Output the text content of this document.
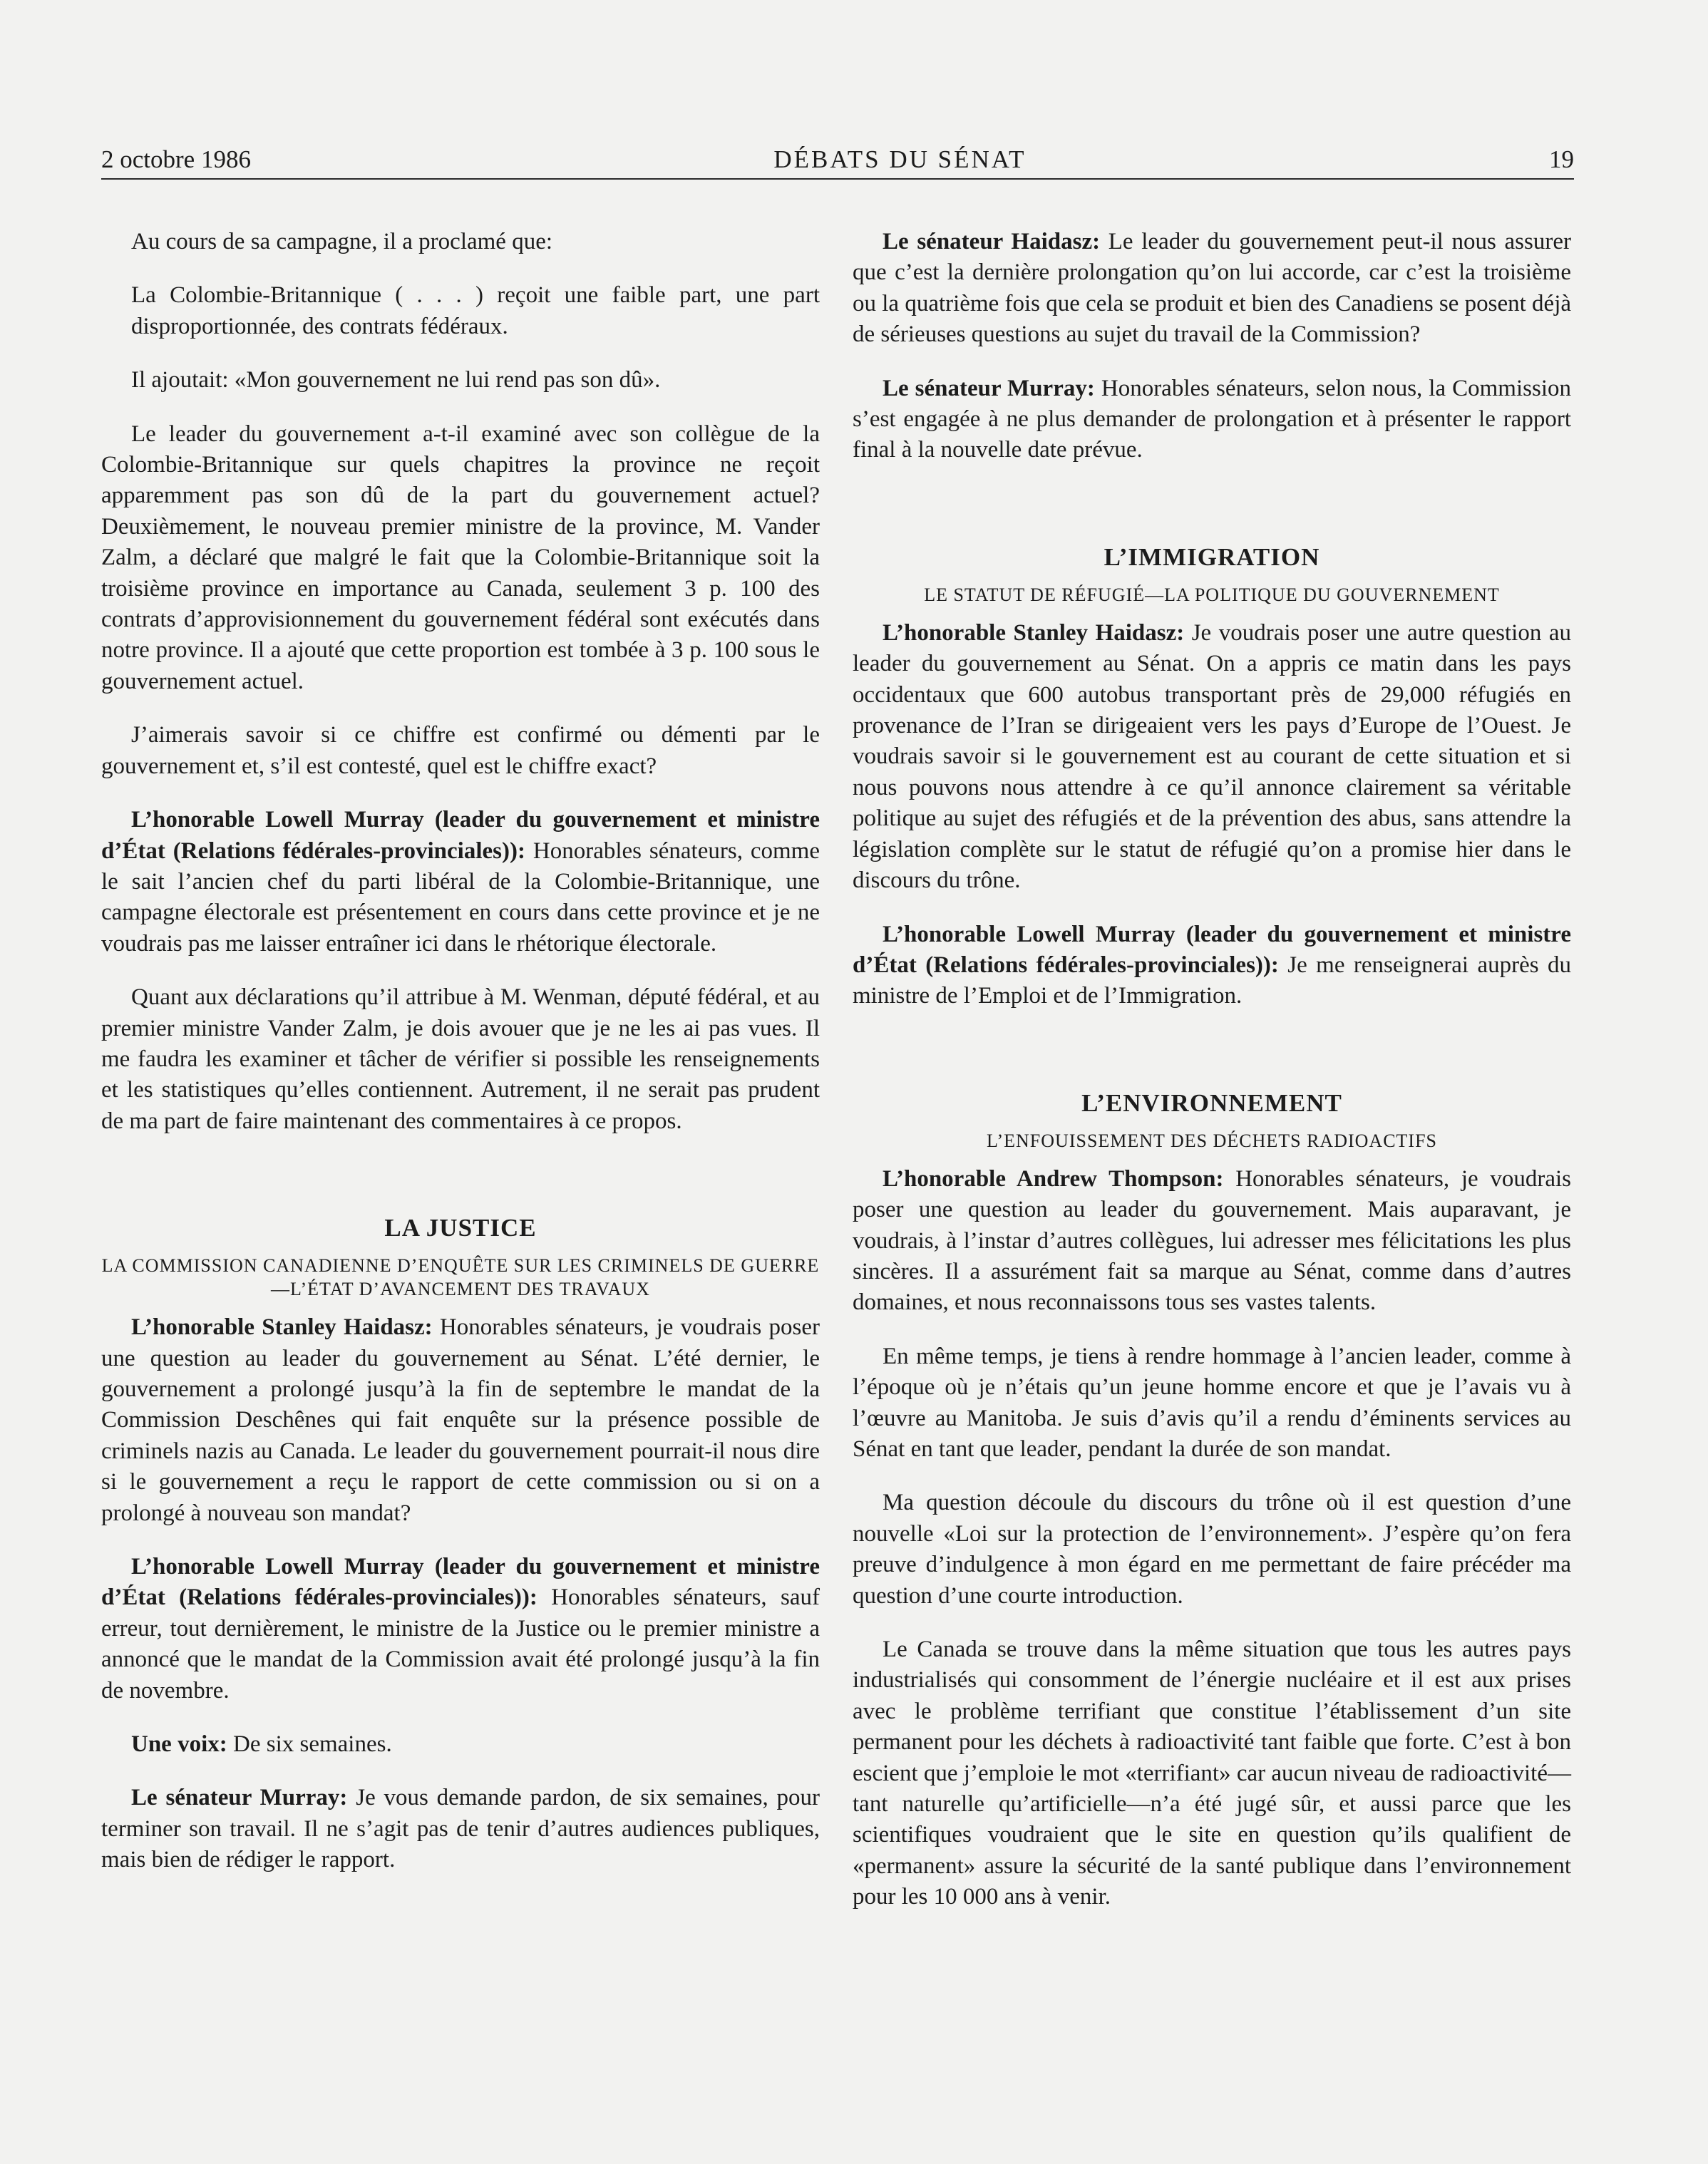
2 octobre 1986	DÉBATS DU SÉNAT	19

Au cours de sa campagne, il a proclamé que:

La Colombie-Britannique ( . . . ) reçoit une faible part, une part disproportionnée, des contrats fédéraux.

Il ajoutait: «Mon gouvernement ne lui rend pas son dû».

Le leader du gouvernement a-t-il examiné avec son collègue de la Colombie-Britannique sur quels chapitres la province ne reçoit apparemment pas son dû de la part du gouvernement actuel? Deuxièmement, le nouveau premier ministre de la province, M. Vander Zalm, a déclaré que malgré le fait que la Colombie-Britannique soit la troisième province en importance au Canada, seulement 3 p. 100 des contrats d’approvisionnement du gouvernement fédéral sont exécutés dans notre province. Il a ajouté que cette proportion est tombée à 3 p. 100 sous le gouvernement actuel.

J’aimerais savoir si ce chiffre est confirmé ou démenti par le gouvernement et, s’il est contesté, quel est le chiffre exact?

L’honorable Lowell Murray (leader du gouvernement et ministre d’État (Relations fédérales-provinciales)): Honorables sénateurs, comme le sait l’ancien chef du parti libéral de la Colombie-Britannique, une campagne électorale est présentement en cours dans cette province et je ne voudrais pas me laisser entraîner ici dans le rhétorique électorale.

Quant aux déclarations qu’il attribue à M. Wenman, député fédéral, et au premier ministre Vander Zalm, je dois avouer que je ne les ai pas vues. Il me faudra les examiner et tâcher de vérifier si possible les renseignements et les statistiques qu’elles contiennent. Autrement, il ne serait pas prudent de ma part de faire maintenant des commentaires à ce propos.

LA JUSTICE
LA COMMISSION CANADIENNE D’ENQUÊTE SUR LES CRIMINELS DE GUERRE—L’ÉTAT D’AVANCEMENT DES TRAVAUX

L’honorable Stanley Haidasz: Honorables sénateurs, je voudrais poser une question au leader du gouvernement au Sénat. L’été dernier, le gouvernement a prolongé jusqu’à la fin de septembre le mandat de la Commission Deschênes qui fait enquête sur la présence possible de criminels nazis au Canada. Le leader du gouvernement pourrait-il nous dire si le gouvernement a reçu le rapport de cette commission ou si on a prolongé à nouveau son mandat?

L’honorable Lowell Murray (leader du gouvernement et ministre d’État (Relations fédérales-provinciales)): Honorables sénateurs, sauf erreur, tout dernièrement, le ministre de la Justice ou le premier ministre a annoncé que le mandat de la Commission avait été prolongé jusqu’à la fin de novembre.

Une voix: De six semaines.

Le sénateur Murray: Je vous demande pardon, de six semaines, pour terminer son travail. Il ne s’agit pas de tenir d’autres audiences publiques, mais bien de rédiger le rapport.

Le sénateur Haidasz: Le leader du gouvernement peut-il nous assurer que c’est la dernière prolongation qu’on lui accorde, car c’est la troisième ou la quatrième fois que cela se produit et bien des Canadiens se posent déjà de sérieuses questions au sujet du travail de la Commission?

Le sénateur Murray: Honorables sénateurs, selon nous, la Commission s’est engagée à ne plus demander de prolongation et à présenter le rapport final à la nouvelle date prévue.

L’IMMIGRATION
LE STATUT DE RÉFUGIÉ—LA POLITIQUE DU GOUVERNEMENT

L’honorable Stanley Haidasz: Je voudrais poser une autre question au leader du gouvernement au Sénat. On a appris ce matin dans les pays occidentaux que 600 autobus transportant près de 29,000 réfugiés en provenance de l’Iran se dirigeaient vers les pays d’Europe de l’Ouest. Je voudrais savoir si le gouvernement est au courant de cette situation et si nous pouvons nous attendre à ce qu’il annonce clairement sa véritable politique au sujet des réfugiés et de la prévention des abus, sans attendre la législation complète sur le statut de réfugié qu’on a promise hier dans le discours du trône.

L’honorable Lowell Murray (leader du gouvernement et ministre d’État (Relations fédérales-provinciales)): Je me renseignerai auprès du ministre de l’Emploi et de l’Immigration.

L’ENVIRONNEMENT
L’ENFOUISSEMENT DES DÉCHETS RADIOACTIFS

L’honorable Andrew Thompson: Honorables sénateurs, je voudrais poser une question au leader du gouvernement. Mais auparavant, je voudrais, à l’instar d’autres collègues, lui adresser mes félicitations les plus sincères. Il a assurément fait sa marque au Sénat, comme dans d’autres domaines, et nous reconnaissons tous ses vastes talents.

En même temps, je tiens à rendre hommage à l’ancien leader, comme à l’époque où je n’étais qu’un jeune homme encore et que je l’avais vu à l’œuvre au Manitoba. Je suis d’avis qu’il a rendu d’éminents services au Sénat en tant que leader, pendant la durée de son mandat.

Ma question découle du discours du trône où il est question d’une nouvelle «Loi sur la protection de l’environnement». J’espère qu’on fera preuve d’indulgence à mon égard en me permettant de faire précéder ma question d’une courte introduction.

Le Canada se trouve dans la même situation que tous les autres pays industrialisés qui consomment de l’énergie nucléaire et il est aux prises avec le problème terrifiant que constitue l’établissement d’un site permanent pour les déchets à radioactivité tant faible que forte. C’est à bon escient que j’emploie le mot «terrifiant» car aucun niveau de radioactivité—tant naturelle qu’artificielle—n’a été jugé sûr, et aussi parce que les scientifiques voudraient que le site en question qu’ils qualifient de «permanent» assure la sécurité de la santé publique dans l’environnement pour les 10 000 ans à venir.
